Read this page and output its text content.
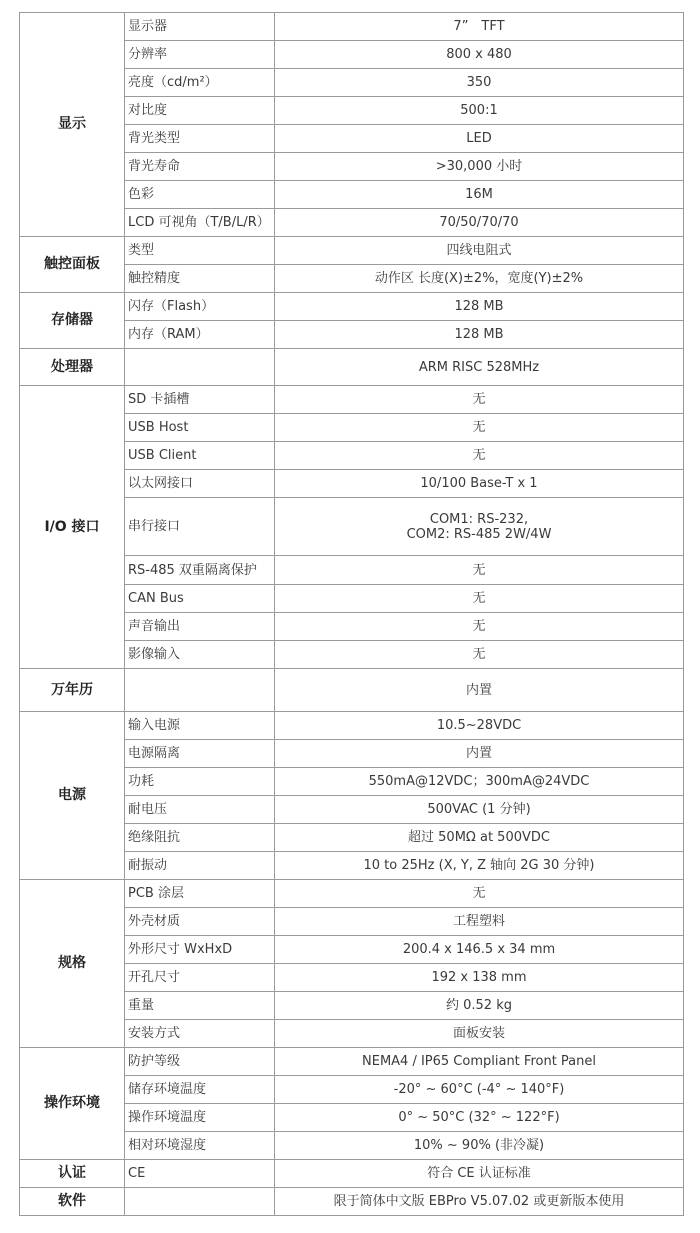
显示	显示器	7”　TFT
	分辨率	800 x 480
	亮度（cd/m²）	350
	对比度	500:1
	背光类型	LED
	背光寿命	>30,000 小时
	色彩	16M
	LCD 可视角（T/B/L/R）	70/50/70/70
触控面板	类型	四线电阻式
	触控精度	动作区 长度(X)±2%，宽度(Y)±2%
存储器	闪存（Flash）	128 MB
	内存（RAM）	128 MB
处理器		ARM RISC 528MHz
I/O 接口	SD 卡插槽	无
	USB Host	无
	USB Client	无
	以太网接口	10/100 Base-T x 1
	串行接口	COM1: RS-232,
COM2: RS-485 2W/4W

	RS-485 双重隔离保护	无
	CAN Bus	无
	声音输出	无
	影像输入	无
万年历		内置
电源	输入电源	10.5~28VDC
	电源隔离	内置
	功耗	550mA@12VDC；300mA@24VDC
	耐电压	500VAC (1 分钟)
	绝缘阻抗	超过 50MΩ at 500VDC
	耐振动	10 to 25Hz (X, Y, Z 轴向 2G 30 分钟)
规格	PCB 涂层	无
	外壳材质	工程塑料
	外形尺寸 WxHxD	200.4 x 146.5 x 34 mm
	开孔尺寸	192 x 138 mm
	重量	约 0.52 kg
	安装方式	面板安装
操作环境	防护等级	NEMA4 / IP65 Compliant Front Panel
	储存环境温度	-20° ~ 60°C (-4° ~ 140°F)
	操作环境温度	0° ~ 50°C (32° ~ 122°F)
	相对环境湿度	10% ~ 90% (非冷凝)
认证	CE	符合 CE 认证标准
软件		限于简体中文版 EBPro V5.07.02 或更新版本使用
